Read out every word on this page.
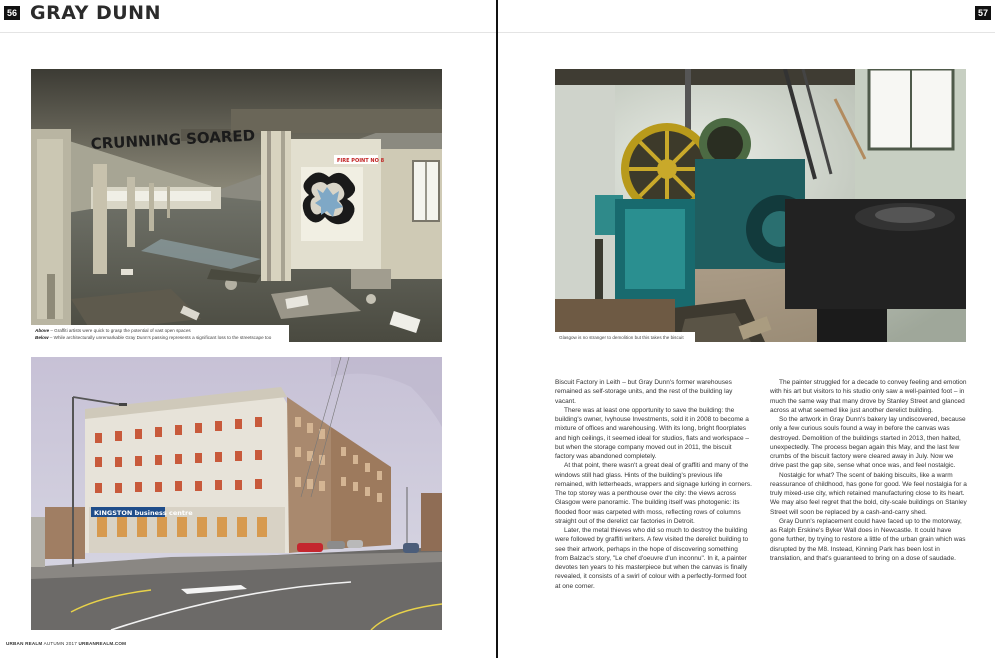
56 GRAY DUNN	57
CRUNNING SOARED
FIRE POINT NO 8
Above – Graffiti artists were quick to grasp the potential of vast open spaces
Below – While architecturally unremarkable Gray Dunn's passing represents a significant loss to the streetscape too
KINGSTON business centre
Glasgow is no stranger to demolition but this takes the biscuit

Biscuit Factory in Leith – but Gray Dunn's former warehouses remained as self-storage units, and the rest of the building lay vacant.

There was at least one opportunity to save the building: the building's owner, Ivyhouse Investments, sold it in 2008 to become a mixture of offices and warehousing. With its long, bright floorplates and high ceilings, it seemed ideal for studios, flats and workspace – but when the storage company moved out in 2011, the biscuit factory was abandoned completely.

At that point, there wasn't a great deal of graffiti and many of the windows still had glass. Hints of the building's previous life remained, with letterheads, wrappers and signage lurking in corners. The top storey was a penthouse over the city: the views across Glasgow were panoramic. The building itself was photogenic: its flooded floor was carpeted with moss, reflecting rows of columns straight out of the derelict car factories in Detroit.

Later, the metal thieves who did so much to destroy the building were followed by graffiti writers. A few visited the derelict building to see their artwork, perhaps in the hope of discovering something from Balzac's story, "Le chef d'oeuvre d'un inconnu". In it, a painter devotes ten years to his masterpiece but when the canvas is finally revealed, it consists of a swirl of colour with a perfectly-formed foot at one corner.

The painter struggled for a decade to convey feeling and emotion with his art but visitors to his studio only saw a well-painted foot – in much the same way that many drove by Stanley Street and glanced across at what seemed like just another derelict building.

So the artwork in Gray Dunn's bakery lay undiscovered, because only a few curious souls found a way in before the canvas was destroyed. Demolition of the buildings started in 2013, then halted, unexpectedly. The process began again this May, and the last few crumbs of the biscuit factory were cleared away in July. Now we drive past the gap site, sense what once was, and feel nostalgic.

Nostalgic for what? The scent of baking biscuits, like a warm reassurance of childhood, has gone for good. We feel nostalgia for a truly mixed-use city, which retained manufacturing close to its heart. We may also feel regret that the bold, city-scale buildings on Stanley Street will soon be replaced by a cash-and-carry shed.

Gray Dunn's replacement could have faced up to the motorway, as Ralph Erskine's Byker Wall does in Newcastle. It could have gone further, by trying to restore a little of the urban grain which was disrupted by the M8. Instead, Kinning Park has been lost in translation, and that's guaranteed to bring on a dose of saudade.

URBAN REALM AUTUMN 2017 URBANREALM.COM
